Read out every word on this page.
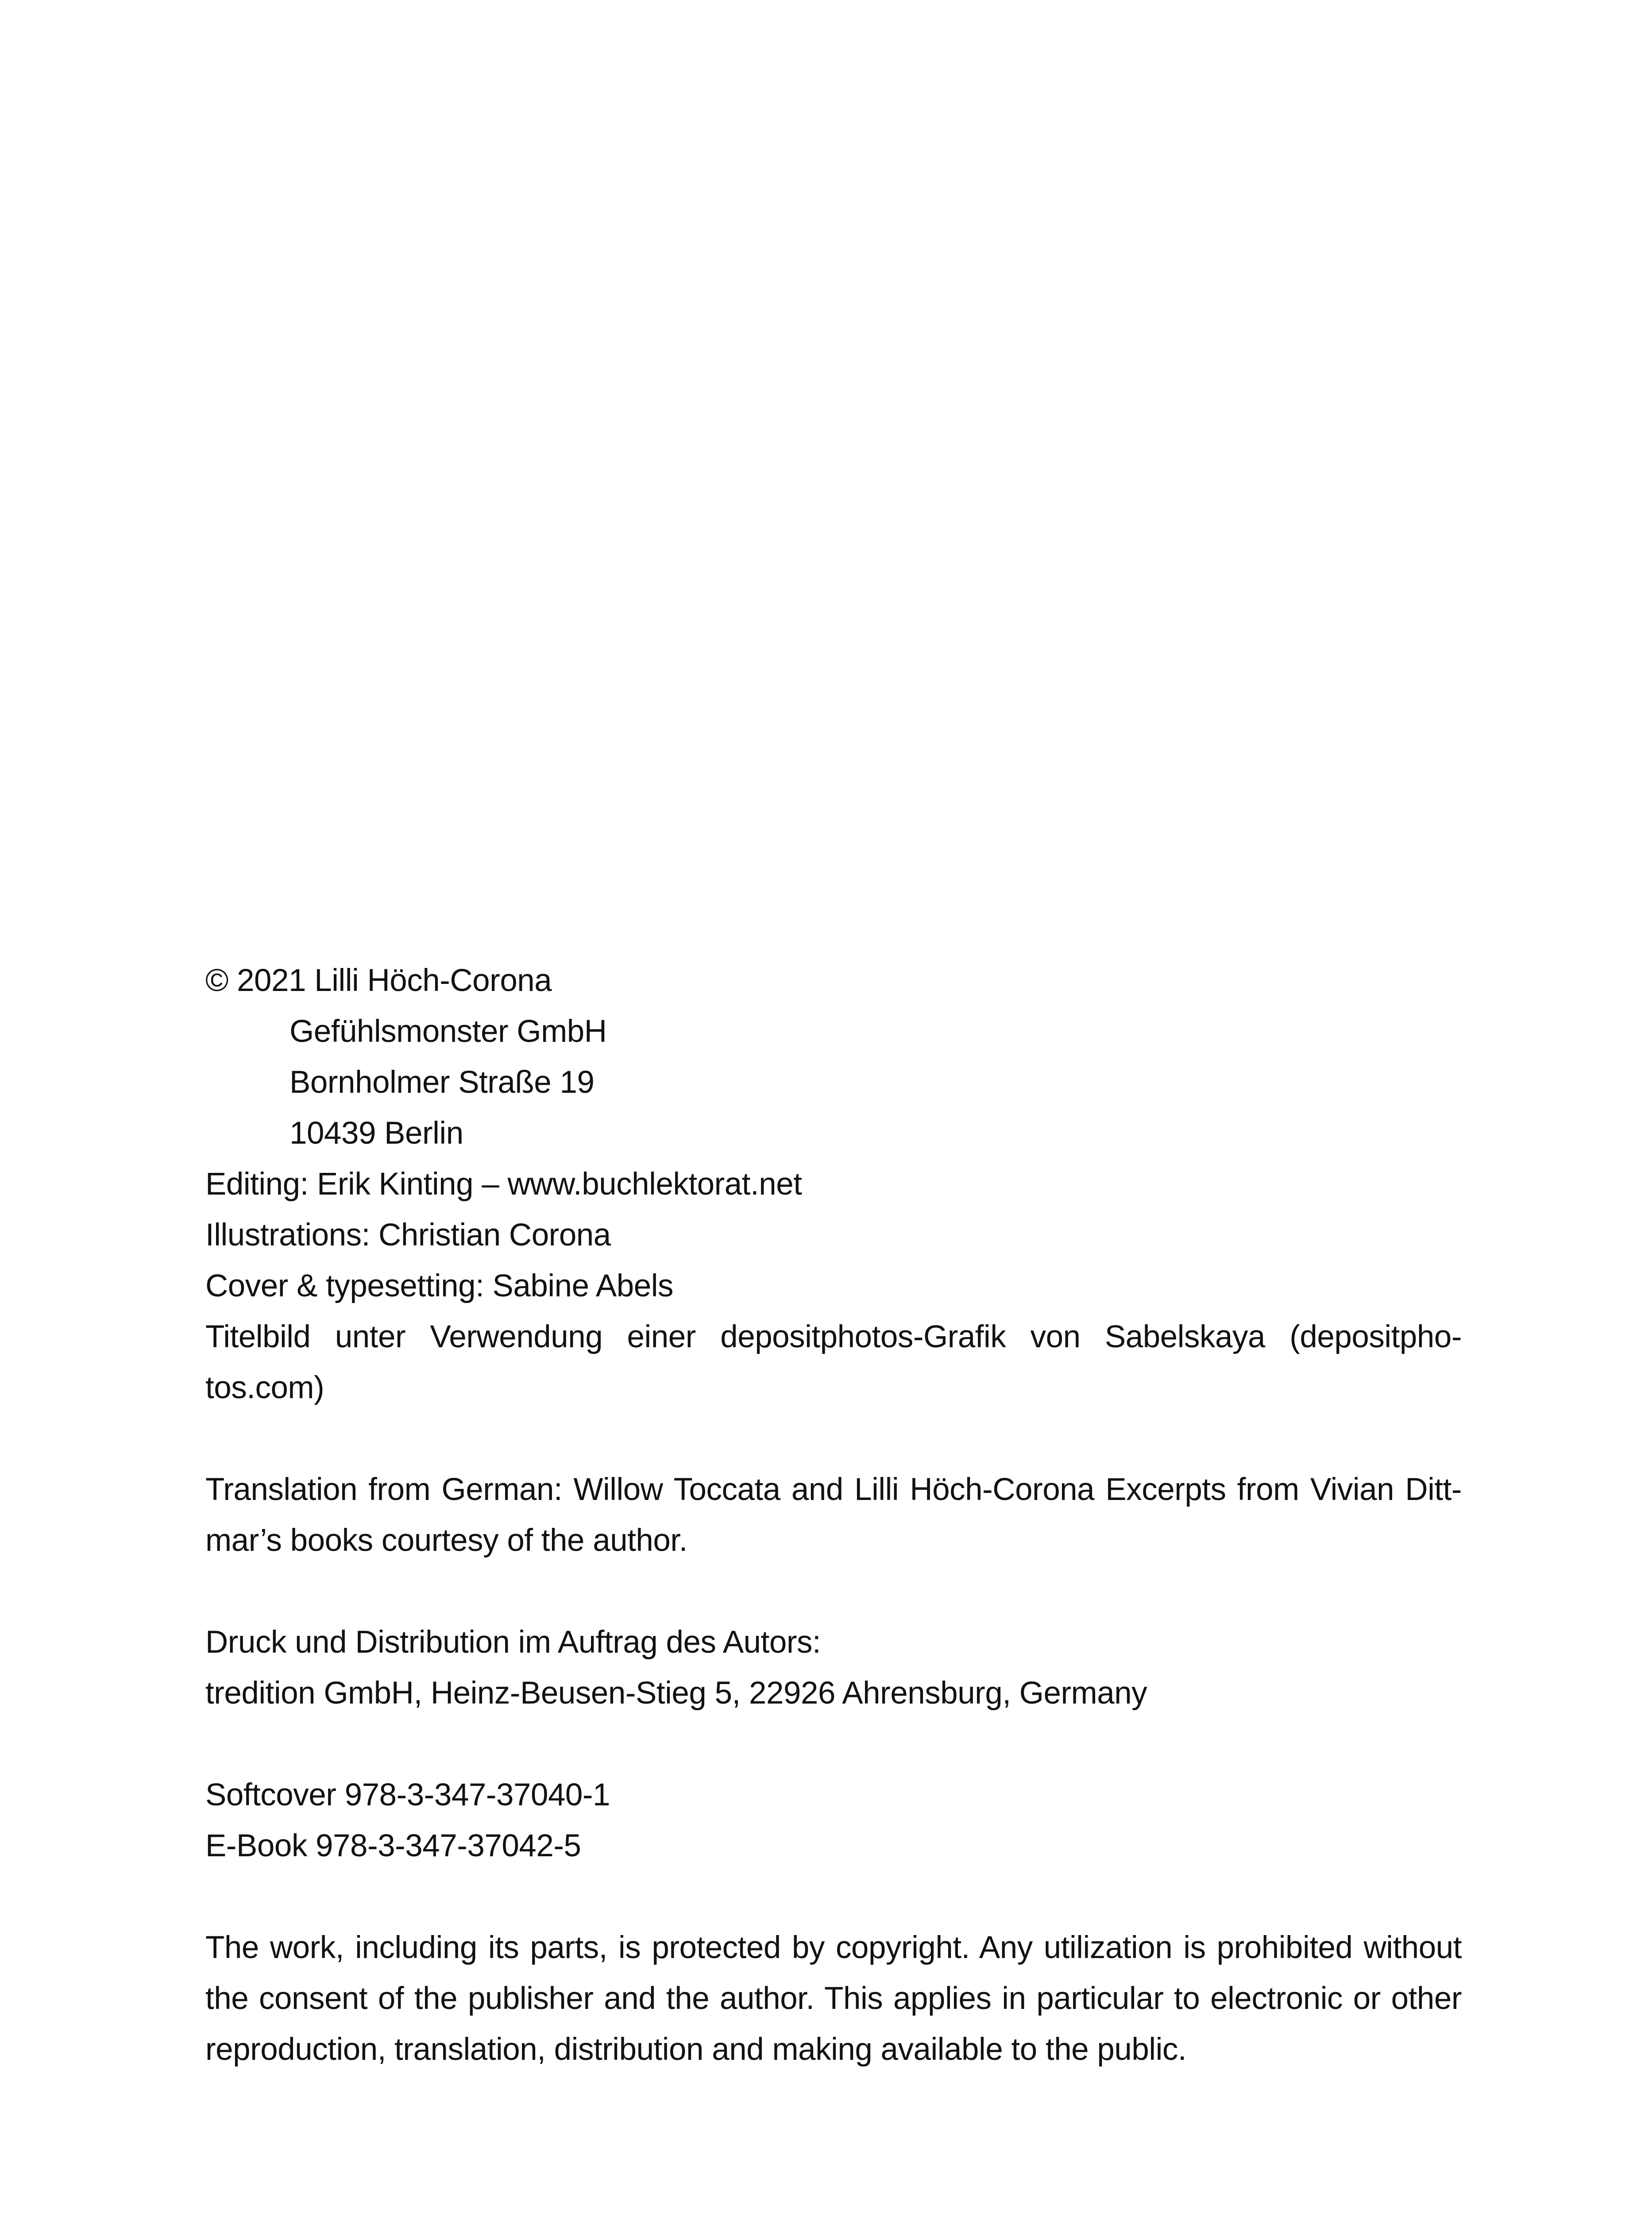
© 2021 Lilli Höch-Corona
Gefühlsmonster GmbH
Bornholmer Straße 19
10439 Berlin
Editing: Erik Kinting – www.buchlektorat.net
Illustrations: Christian Corona
Cover & typesetting: Sabine Abels
Titelbild unter Verwendung einer depositphotos-Grafik von Sabelskaya (depositpho-
tos.com)
Translation from German: Willow Toccata and Lilli Höch-Corona Excerpts from Vivian Ditt-
mar’s books courtesy of the author.
Druck und Distribution im Auftrag des Autors:
tredition GmbH, Heinz-Beusen-Stieg 5, 22926 Ahrensburg, Germany
Softcover 978-3-347-37040-1
E-Book 978-3-347-37042-5
The work, including its parts, is protected by copyright. Any utilization is prohibited without
the consent of the publisher and the author. This applies in particular to electronic or other
reproduction, translation, distribution and making available to the public.
